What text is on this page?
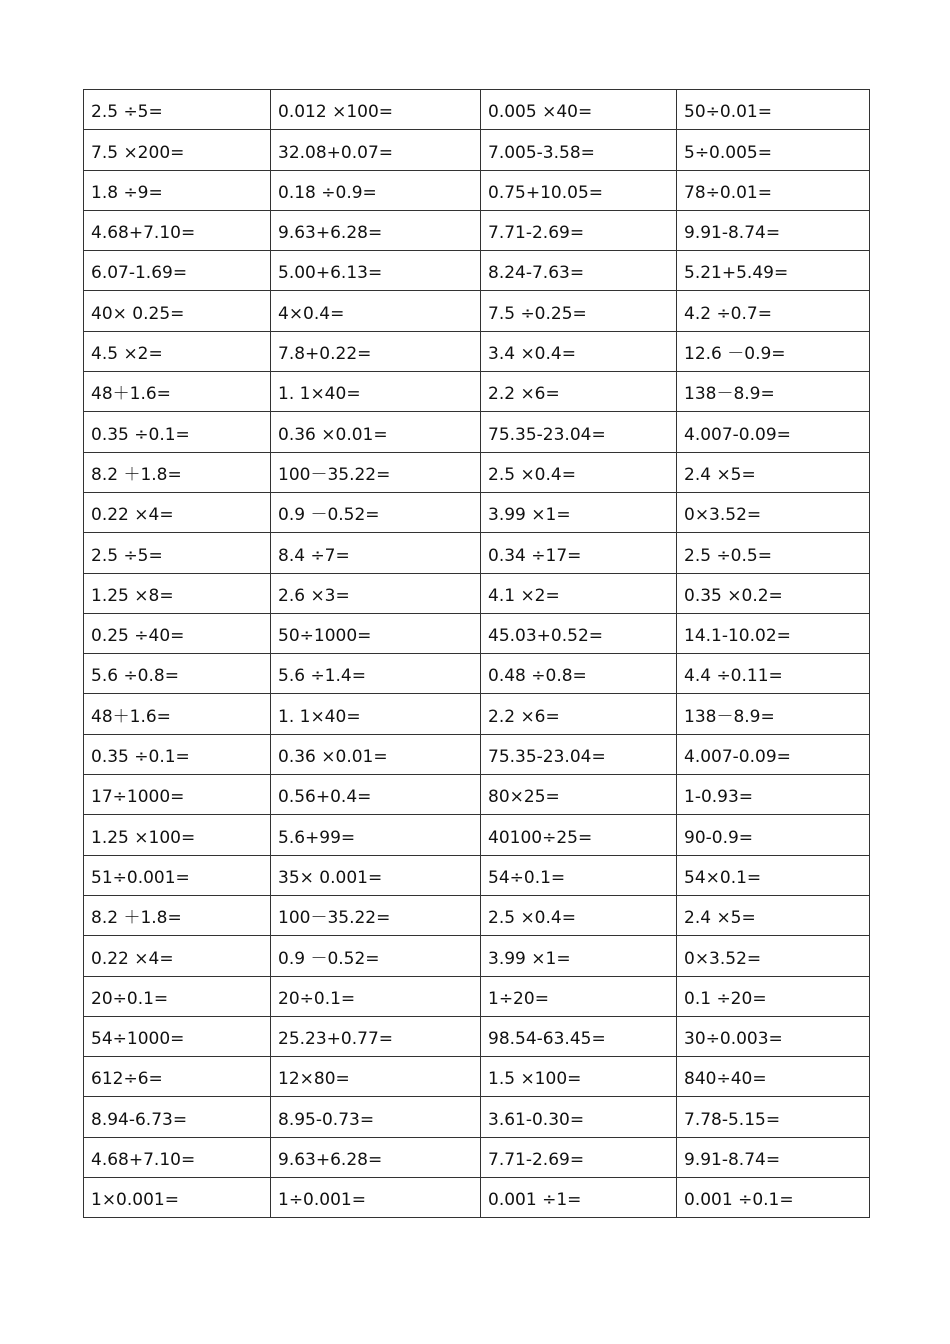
2.5 ÷5=	0.012 ×100=	0.005 ×40=	50÷0.01=
7.5 ×200=	32.08+0.07=	7.005-3.58=	5÷0.005=
1.8 ÷9=	0.18 ÷0.9=	0.75+10.05=	78÷0.01=
4.68+7.10=	9.63+6.28=	7.71-2.69=	9.91-8.74=
6.07-1.69=	5.00+6.13=	8.24-7.63=	5.21+5.49=
40× 0.25=	4×0.4=	7.5 ÷0.25=	4.2 ÷0.7=
4.5 ×2=	7.8+0.22=	3.4 ×0.4=	12.6 －0.9=
48＋1.6=	1. 1×40=	2.2 ×6=	138－8.9=
0.35 ÷0.1=	0.36 ×0.01=	75.35-23.04=	4.007-0.09=
8.2 ＋1.8=	100－35.22=	2.5 ×0.4=	2.4 ×5=
0.22 ×4=	0.9 －0.52=	3.99 ×1=	0×3.52=
2.5 ÷5=	8.4 ÷7=	0.34 ÷17=	2.5 ÷0.5=
1.25 ×8=	2.6 ×3=	4.1 ×2=	0.35 ×0.2=
0.25 ÷40=	50÷1000=	45.03+0.52=	14.1-10.02=
5.6 ÷0.8=	5.6 ÷1.4=	0.48 ÷0.8=	4.4 ÷0.11=
48＋1.6=	1. 1×40=	2.2 ×6=	138－8.9=
0.35 ÷0.1=	0.36 ×0.01=	75.35-23.04=	4.007-0.09=
17÷1000=	0.56+0.4=	80×25=	1-0.93=
1.25 ×100=	5.6+99=	40100÷25=	90-0.9=
51÷0.001=	35× 0.001=	54÷0.1=	54×0.1=
8.2 ＋1.8=	100－35.22=	2.5 ×0.4=	2.4 ×5=
0.22 ×4=	0.9 －0.52=	3.99 ×1=	0×3.52=
20÷0.1=	20÷0.1=	1÷20=	0.1 ÷20=
54÷1000=	25.23+0.77=	98.54-63.45=	30÷0.003=
612÷6=	12×80=	1.5 ×100=	840÷40=
8.94-6.73=	8.95-0.73=	3.61-0.30=	7.78-5.15=
4.68+7.10=	9.63+6.28=	7.71-2.69=	9.91-8.74=
1×0.001=	1÷0.001=	0.001 ÷1=	0.001 ÷0.1=
